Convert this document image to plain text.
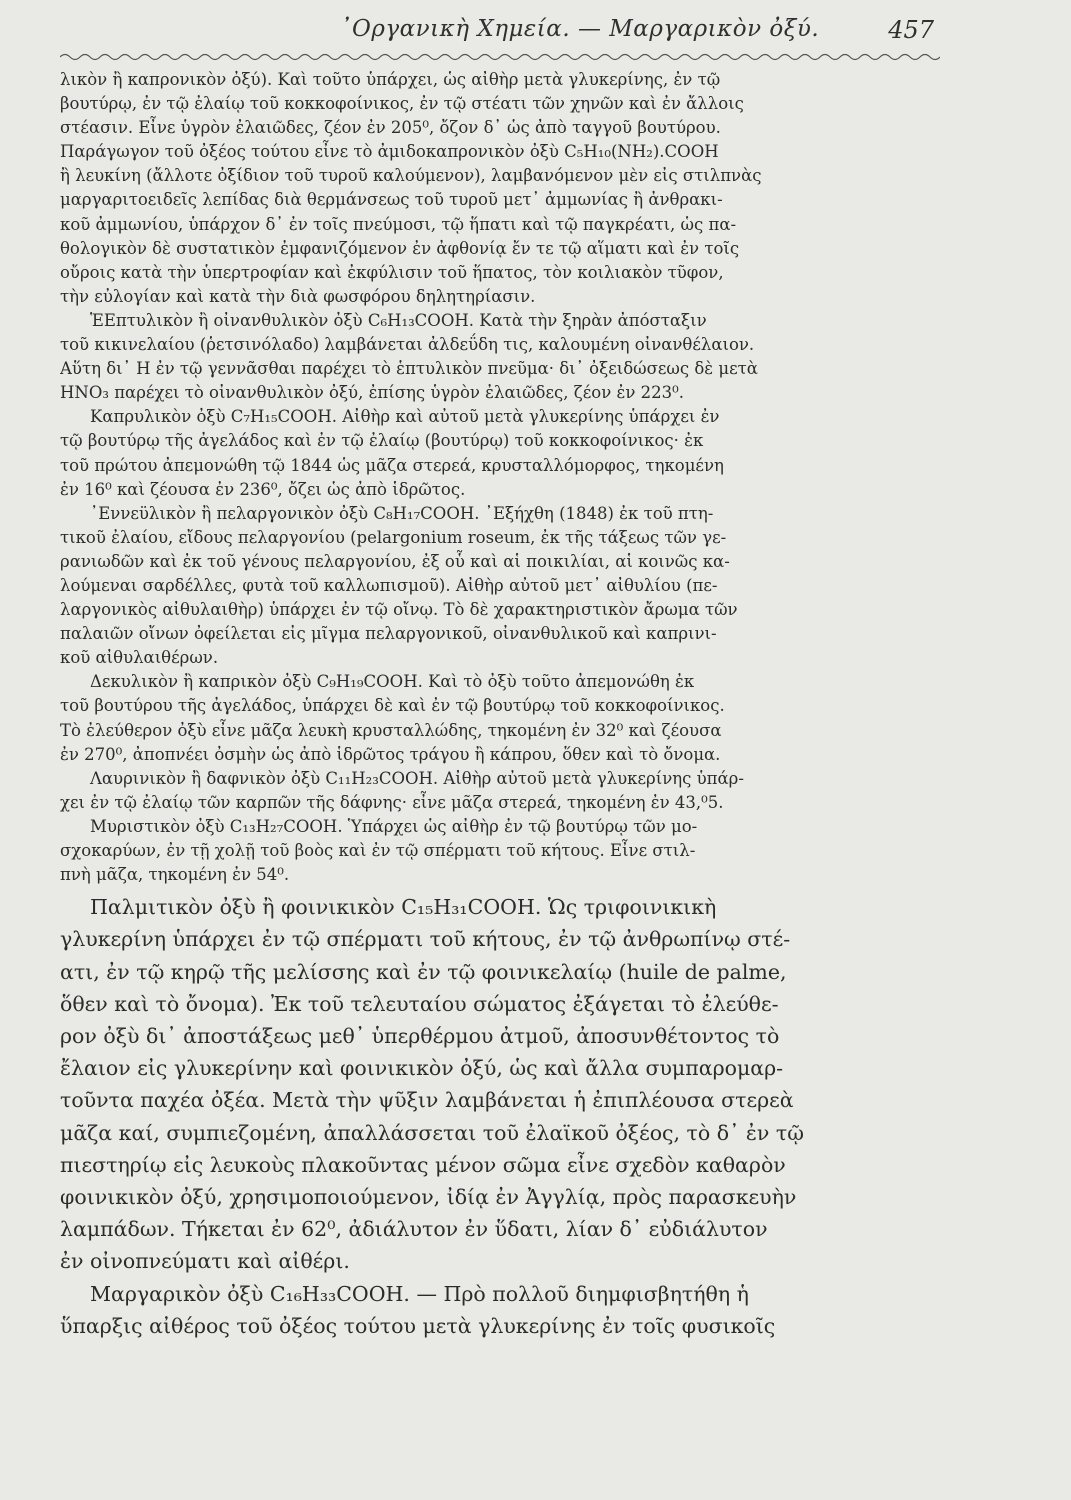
᾿Οργανικὴ Χημεία. — Μαργαρικὸν ὀξύ.	457
λικὸν ἢ καπρονικὸν ὀξύ). Καὶ τοῦτο ὑπάρχει, ὡς αἰθὴρ μετὰ γλυκερίνης, ἐν τῷ
βουτύρῳ, ἐν τῷ ἐλαίῳ τοῦ κοκκοφοίνικος, ἐν τῷ στέατι τῶν χηνῶν καὶ ἐν ἄλλοις
στέασιν. Εἶνε ὑγρὸν ἐλαιῶδες, ζέον ἐν 205⁰, ὄζον δ᾿ ὡς ἀπὸ ταγγοῦ βουτύρου.
Παράγωγον τοῦ ὀξέος τούτου εἶνε τὸ ἀμιδοκαπρονικὸν ὀξὺ C₅H₁₀(NH₂).COOH
ἢ λευκίνη (ἄλλοτε ὀξίδιον τοῦ τυροῦ καλούμενον), λαμβανόμενον μὲν εἰς στιλπνὰς
μαργαριτοειδεῖς λεπίδας διὰ θερμάνσεως τοῦ τυροῦ μετ᾿ ἀμμωνίας ἢ ἀνθρακι-
κοῦ ἀμμωνίου, ὑπάρχον δ᾿ ἐν τοῖς πνεύμοσι, τῷ ἥπατι καὶ τῷ παγκρέατι, ὡς πα-
θολογικὸν δὲ συστατικὸν ἐμφανιζόμενον ἐν ἀφθονίᾳ ἔν τε τῷ αἵματι καὶ ἐν τοῖς
οὔροις κατὰ τὴν ὑπερτροφίαν καὶ ἐκφύλισιν τοῦ ἥπατος, τὸν κοιλιακὸν τῦφον,
τὴν εὐλογίαν καὶ κατὰ τὴν διὰ φωσφόρου δηλητηρίασιν.
ἙΕπτυλικὸν ἢ οἰνανθυλικὸν ὀξὺ C₆H₁₃COOH. Κατὰ τὴν ξηρὰν ἀπόσταξιν
τοῦ κικινελαίου (ῥετσινόλαδο) λαμβάνεται ἀλδεΰδη τις, καλουμένη οἰνανθέλαιον.
Αὕτη δι᾿ H ἐν τῷ γεννᾶσθαι παρέχει τὸ ἑπτυλικὸν πνεῦμα· δι᾿ ὀξειδώσεως δὲ μετὰ
HNO₃ παρέχει τὸ οἰνανθυλικὸν ὀξύ, ἐπίσης ὑγρὸν ἐλαιῶδες, ζέον ἐν 223⁰.
Καπρυλικὸν ὀξὺ C₇H₁₅COOH. Αἰθὴρ καὶ αὐτοῦ μετὰ γλυκερίνης ὑπάρχει ἐν
τῷ βουτύρῳ τῆς ἀγελάδος καὶ ἐν τῷ ἐλαίῳ (βουτύρῳ) τοῦ κοκκοφοίνικος· ἐκ
τοῦ πρώτου ἀπεμονώθη τῷ 1844 ὡς μᾶζα στερεά, κρυσταλλόμορφος, τηκομένη
ἐν 16⁰ καὶ ζέουσα ἐν 236⁰, ὄζει ὡς ἀπὸ ἱδρῶτος.
᾿Εννεϋλικὸν ἢ πελαργονικὸν ὀξὺ C₈H₁₇COOH. ᾿Εξήχθη (1848) ἐκ τοῦ πτη-
τικοῦ ἐλαίου, εἴδους πελαργονίου (pelargonium roseum, ἐκ τῆς τάξεως τῶν γε-
ρανιωδῶν καὶ ἐκ τοῦ γένους πελαργονίου, ἐξ οὗ καὶ αἱ ποικιλίαι, αἱ κοινῶς κα-
λούμεναι σαρδέλλες, φυτὰ τοῦ καλλωπισμοῦ). Αἰθὴρ αὐτοῦ μετ᾿ αἰθυλίου (πε-
λαργονικὸς αἰθυλαιθὴρ) ὑπάρχει ἐν τῷ οἴνῳ. Τὸ δὲ χαρακτηριστικὸν ἄρωμα τῶν
παλαιῶν οἴνων ὀφείλεται εἰς μῖγμα πελαργονικοῦ, οἰνανθυλικοῦ καὶ καπρινι-
κοῦ αἰθυλαιθέρων.
Δεκυλικὸν ἢ καπρικὸν ὀξὺ C₉H₁₉COOH. Καὶ τὸ ὀξὺ τοῦτο ἀπεμονώθη ἐκ
τοῦ βουτύρου τῆς ἀγελάδος, ὑπάρχει δὲ καὶ ἐν τῷ βουτύρῳ τοῦ κοκκοφοίνικος.
Τὸ ἐλεύθερον ὀξὺ εἶνε μᾶζα λευκὴ κρυσταλλώδης, τηκομένη ἐν 32⁰ καὶ ζέουσα
ἐν 270⁰, ἀποπνέει ὀσμὴν ὡς ἀπὸ ἱδρῶτος τράγου ἢ κάπρου, ὅθεν καὶ τὸ ὄνομα.
Λαυρινικὸν ἢ δαφνικὸν ὀξὺ C₁₁H₂₃COOH. Αἰθὴρ αὐτοῦ μετὰ γλυκερίνης ὑπάρ-
χει ἐν τῷ ἐλαίῳ τῶν καρπῶν τῆς δάφνης· εἶνε μᾶζα στερεά, τηκομένη ἐν 43,⁰5.
Μυριστικὸν ὀξὺ C₁₃H₂₇COOH. Ὑπάρχει ὡς αἰθὴρ ἐν τῷ βουτύρῳ τῶν μο-
σχοκαρύων, ἐν τῇ χολῇ τοῦ βοὸς καὶ ἐν τῷ σπέρματι τοῦ κήτους. Εἶνε στιλ-
πνὴ μᾶζα, τηκομένη ἐν 54⁰.
Παλμιτικὸν ὀξὺ ἢ φοινικικὸν C₁₅H₃₁COOH. Ὡς τριφοινικικὴ
γλυκερίνη ὑπάρχει ἐν τῷ σπέρματι τοῦ κήτους, ἐν τῷ ἀνθρωπίνῳ στέ-
ατι, ἐν τῷ κηρῷ τῆς μελίσσης καὶ ἐν τῷ φοινικελαίῳ (huile de palme,
ὅθεν καὶ τὸ ὄνομα). Ἐκ τοῦ τελευταίου σώματος ἐξάγεται τὸ ἐλεύθε-
ρον ὀξὺ δι᾿ ἀποστάξεως μεθ᾿ ὑπερθέρμου ἀτμοῦ, ἀποσυνθέτοντος τὸ
ἔλαιον εἰς γλυκερίνην καὶ φοινικικὸν ὀξύ, ὡς καὶ ἄλλα συμπαρομαρ-
τοῦντα παχέα ὀξέα. Μετὰ τὴν ψῦξιν λαμβάνεται ἡ ἐπιπλέουσα στερεὰ
μᾶζα καί, συμπιεζομένη, ἀπαλλάσσεται τοῦ ἐλαϊκοῦ ὀξέος, τὸ δ᾿ ἐν τῷ
πιεστηρίῳ εἰς λευκοὺς πλακοῦντας μένον σῶμα εἶνε σχεδὸν καθαρὸν
φοινικικὸν ὀξύ, χρησιμοποιούμενον, ἰδίᾳ ἐν Ἀγγλίᾳ, πρὸς παρασκευὴν
λαμπάδων. Τήκεται ἐν 62⁰, ἀδιάλυτον ἐν ὕδατι, λίαν δ᾿ εὐδιάλυτον
ἐν οἰνοπνεύματι καὶ αἰθέρι.
Μαργαρικὸν ὀξὺ C₁₆H₃₃COOH. — Πρὸ πολλοῦ διημφισβητήθη ἡ
ὕπαρξις αἰθέρος τοῦ ὀξέος τούτου μετὰ γλυκερίνης ἐν τοῖς φυσικοῖς
